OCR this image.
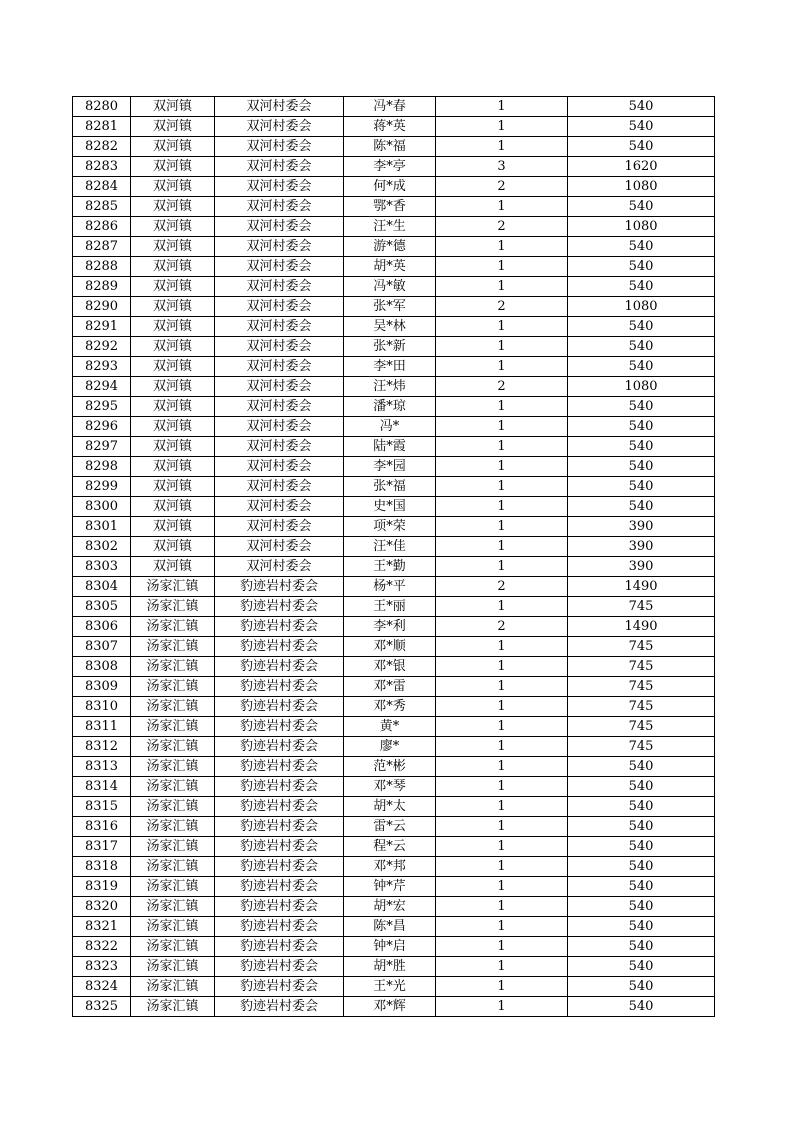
8280	双河镇	双河村委会	冯*春	1	540
8281	双河镇	双河村委会	蒋*英	1	540
8282	双河镇	双河村委会	陈*福	1	540
8283	双河镇	双河村委会	李*亭	3	1620
8284	双河镇	双河村委会	何*成	2	1080
8285	双河镇	双河村委会	鄂*香	1	540
8286	双河镇	双河村委会	汪*生	2	1080
8287	双河镇	双河村委会	游*德	1	540
8288	双河镇	双河村委会	胡*英	1	540
8289	双河镇	双河村委会	冯*敏	1	540
8290	双河镇	双河村委会	张*军	2	1080
8291	双河镇	双河村委会	吴*林	1	540
8292	双河镇	双河村委会	张*新	1	540
8293	双河镇	双河村委会	李*田	1	540
8294	双河镇	双河村委会	汪*炜	2	1080
8295	双河镇	双河村委会	潘*琼	1	540
8296	双河镇	双河村委会	冯*	1	540
8297	双河镇	双河村委会	陆*霞	1	540
8298	双河镇	双河村委会	李*园	1	540
8299	双河镇	双河村委会	张*福	1	540
8300	双河镇	双河村委会	史*国	1	540
8301	双河镇	双河村委会	项*荣	1	390
8302	双河镇	双河村委会	汪*佳	1	390
8303	双河镇	双河村委会	王*勤	1	390
8304	汤家汇镇	豹迹岩村委会	杨*平	2	1490
8305	汤家汇镇	豹迹岩村委会	王*丽	1	745
8306	汤家汇镇	豹迹岩村委会	李*利	2	1490
8307	汤家汇镇	豹迹岩村委会	邓*顺	1	745
8308	汤家汇镇	豹迹岩村委会	邓*银	1	745
8309	汤家汇镇	豹迹岩村委会	邓*雷	1	745
8310	汤家汇镇	豹迹岩村委会	邓*秀	1	745
8311	汤家汇镇	豹迹岩村委会	黄*	1	745
8312	汤家汇镇	豹迹岩村委会	廖*	1	745
8313	汤家汇镇	豹迹岩村委会	范*彬	1	540
8314	汤家汇镇	豹迹岩村委会	邓*琴	1	540
8315	汤家汇镇	豹迹岩村委会	胡*太	1	540
8316	汤家汇镇	豹迹岩村委会	雷*云	1	540
8317	汤家汇镇	豹迹岩村委会	程*云	1	540
8318	汤家汇镇	豹迹岩村委会	邓*邦	1	540
8319	汤家汇镇	豹迹岩村委会	钟*芹	1	540
8320	汤家汇镇	豹迹岩村委会	胡*宏	1	540
8321	汤家汇镇	豹迹岩村委会	陈*昌	1	540
8322	汤家汇镇	豹迹岩村委会	钟*启	1	540
8323	汤家汇镇	豹迹岩村委会	胡*胜	1	540
8324	汤家汇镇	豹迹岩村委会	王*光	1	540
8325	汤家汇镇	豹迹岩村委会	邓*辉	1	540
